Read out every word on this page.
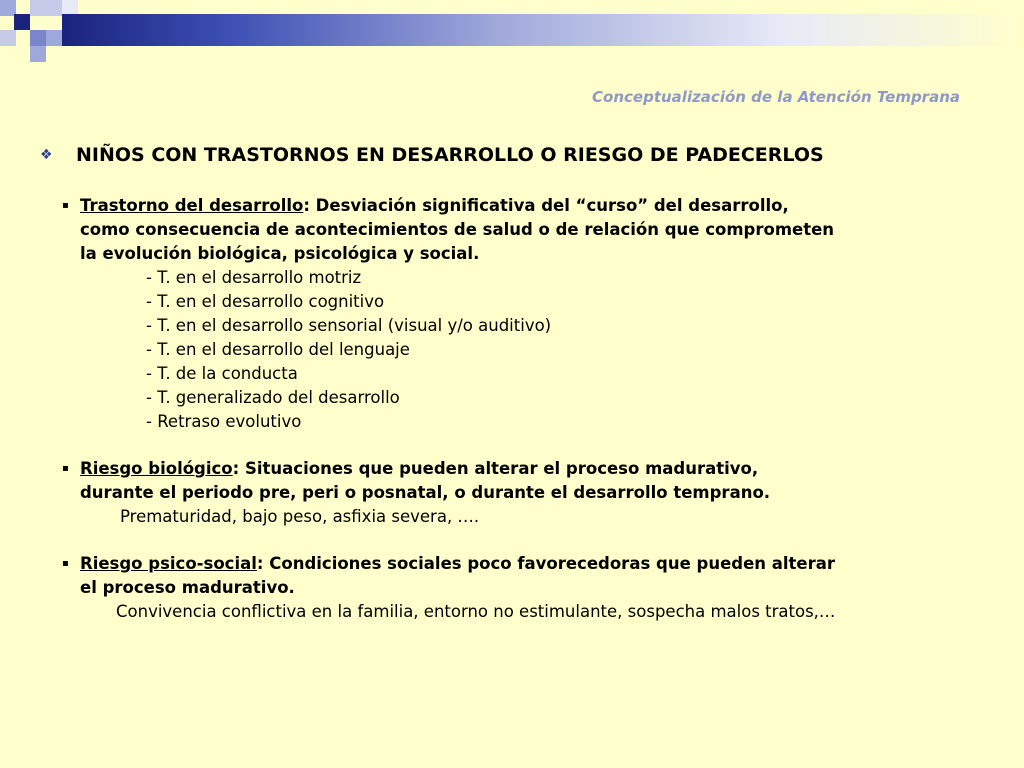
Conceptualización de la Atención Temprana
❖ NIÑOS CON TRASTORNOS EN DESARROLLO O RIESGO DE PADECERLOS
▪ Trastorno del desarrollo: Desviación significativa del “curso” del desarrollo,
como consecuencia de acontecimientos de salud o de relación que comprometen
la evolución biológica, psicológica y social.
- T. en el desarrollo motriz
- T. en el desarrollo cognitivo
- T. en el desarrollo sensorial (visual y/o auditivo)
- T. en el desarrollo del lenguaje
- T. de la conducta
- T. generalizado del desarrollo
- Retraso evolutivo
▪ Riesgo biológico: Situaciones que pueden alterar el proceso madurativo,
durante el periodo pre, peri o posnatal, o durante el desarrollo temprano.
Prematuridad, bajo peso, asfixia severa, ….
▪ Riesgo psico-social: Condiciones sociales poco favorecedoras que pueden alterar
el proceso madurativo.
Convivencia conflictiva en la familia, entorno no estimulante, sospecha malos tratos,…
